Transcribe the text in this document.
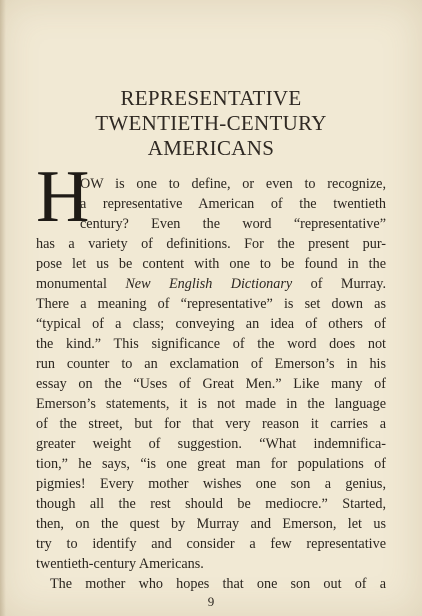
REPRESENTATIVE
TWENTIETH-CENTURY
AMERICANS
H
OW is one to define, or even to recognize,
a representative American of the twentieth
century? Even the word “representative”
has a variety of definitions. For the present pur-
pose let us be content with one to be found in the
monumental New English Dictionary of Murray.
There a meaning of “representative” is set down as
“typical of a class; conveying an idea of others of
the kind.” This significance of the word does not
run counter to an exclamation of Emerson’s in his
essay on the “Uses of Great Men.” Like many of
Emerson’s statements, it is not made in the language
of the street, but for that very reason it carries a
greater weight of suggestion. “What indemnifica-
tion,” he says, “is one great man for populations of
pigmies! Every mother wishes one son a genius,
though all the rest should be mediocre.” Started,
then, on the quest by Murray and Emerson, let us
try to identify and consider a few representative
twentieth-century Americans.
The mother who hopes that one son out of a
9
